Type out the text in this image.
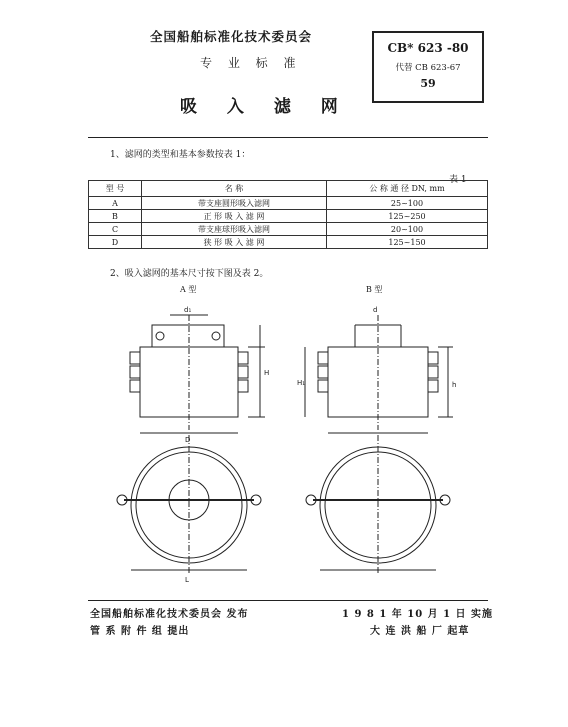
全国船舶标准化技术委员会
专 业 标 准
吸 入 滤 网
CB* 623 -80
代替 CB 623-67
59
1、滤网的类型和基本参数按表 1：
表 1
型 号	名 称	公 称 通 径 DN, mm
A	带支座圆形吸入滤网	25~100
B	正 形 吸 入 滤 网	125~250
C	带支座球形吸入滤网	20~100
D	狭 形 吸 入 滤 网	125~150
2、吸入滤网的基本尺寸按下图及表 2。
A 型	B 型
d₁
H
D
L
d
H₁	h
全国船舶标准化技术委员会 发布
管 系 附 件 组 提出
1 9 8 1 年 10 月 1 日 实施
大 连 洪 船 厂 起草
